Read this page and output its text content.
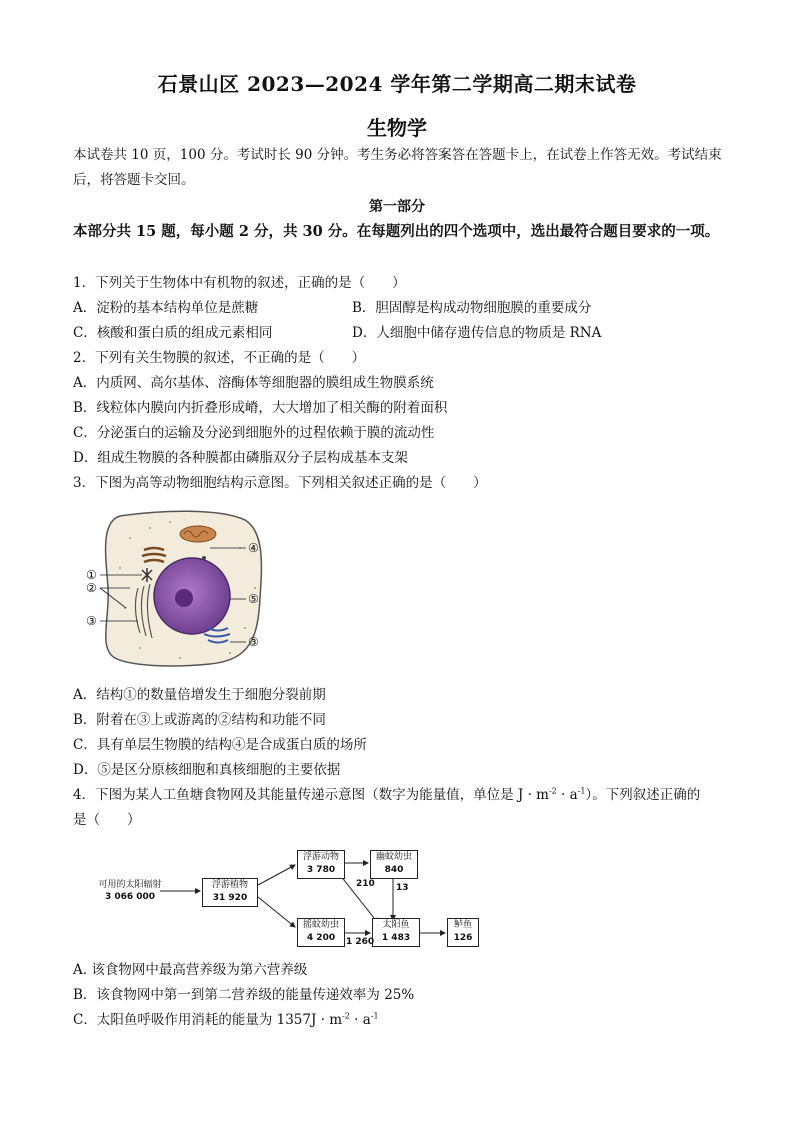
石景山区 2023—2024 学年第二学期高二期末试卷
生物学
本试卷共 10 页，100 分。考试时长 90 分钟。考生务必将答案答在答题卡上，在试卷上作答无效。考试结束后，将答题卡交回。
第一部分
本部分共 15 题，每小题 2 分，共 30 分。在每题列出的四个选项中，选出最符合题目要求的一项。
1．下列关于生物体中有机物的叙述，正确的是（　　）
A．淀粉的基本结构单位是蔗糖	B．胆固醇是构成动物细胞膜的重要成分
C．核酸和蛋白质的组成元素相同	D．人细胞中储存遗传信息的物质是 RNA
2．下列有关生物膜的叙述，不正确的是（　　）
A．内质网、高尔基体、溶酶体等细胞器的膜组成生物膜系统
B．线粒体内膜向内折叠形成嵴，大大增加了相关酶的附着面积
C．分泌蛋白的运输及分泌到细胞外的过程依赖于膜的流动性
D．组成生物膜的各种膜都由磷脂双分子层构成基本支架
3．下图为高等动物细胞结构示意图。下列相关叙述正确的是（　　）
①
②
③
④
⑤
③
A．结构①的数量倍增发生于细胞分裂前期
B．附着在③上或游离的②结构和功能不同
C．具有单层生物膜的结构④是合成蛋白质的场所
D．⑤是区分原核细胞和真核细胞的主要依据
4．下图为某人工鱼塘食物网及其能量传递示意图（数字为能量值，单位是 $J \cdot m^{-2} \cdot a^{-1}$）。下列叙述正确的
是（　　）
可用的太阳辐射
3 066 000
浮游植物
31 920
浮游动物
3 780
幽蚊幼虫
840
摇蚊幼虫
4 200
太阳鱼
1 483
鲈鱼
126
210 13
1 260
A. 该食物网中最高营养级为第六营养级
B．该食物网中第一到第二营养级的能量传递效率为 25%
C．太阳鱼呼吸作用消耗的能量为 $1357J \cdot m^{-2} \cdot a^{-1}$
